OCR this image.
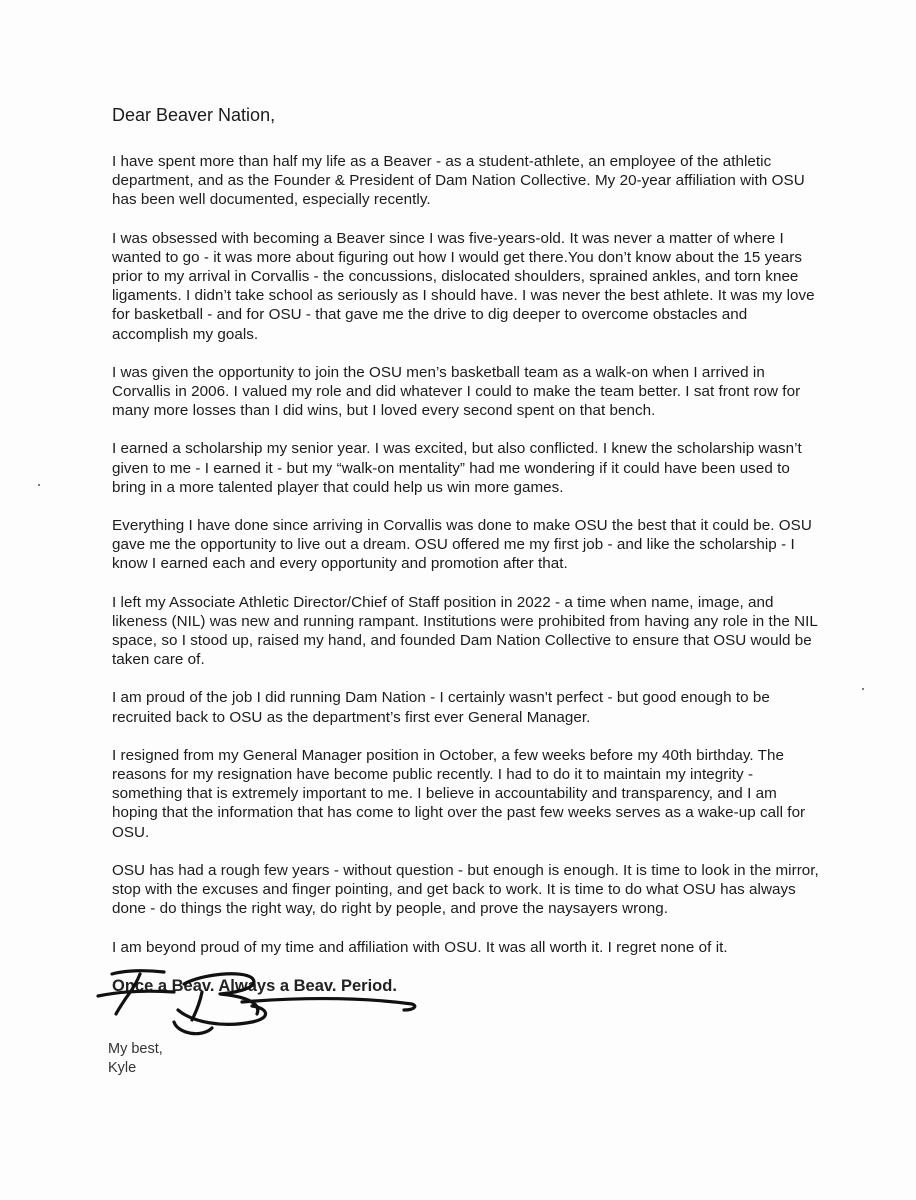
Dear Beaver Nation,

I have spent more than half my life as a Beaver - as a student-athlete, an employee of the athletic department, and as the Founder & President of Dam Nation Collective. My 20-year affiliation with OSU has been well documented, especially recently.

I was obsessed with becoming a Beaver since I was five-years-old. It was never a matter of where I wanted to go - it was more about figuring out how I would get there.You don’t know about the 15 years prior to my arrival in Corvallis - the concussions, dislocated shoulders, sprained ankles, and torn knee ligaments. I didn’t take school as seriously as I should have. I was never the best athlete. It was my love for basketball - and for OSU - that gave me the drive to dig deeper to overcome obstacles and accomplish my goals.

I was given the opportunity to join the OSU men’s basketball team as a walk-on when I arrived in Corvallis in 2006. I valued my role and did whatever I could to make the team better. I sat front row for many more losses than I did wins, but I loved every second spent on that bench.

I earned a scholarship my senior year. I was excited, but also conflicted. I knew the scholarship wasn’t given to me - I earned it - but my “walk-on mentality” had me wondering if it could have been used to bring in a more talented player that could help us win more games.

Everything I have done since arriving in Corvallis was done to make OSU the best that it could be. OSU gave me the opportunity to live out a dream. OSU offered me my first job - and like the scholarship - I know I earned each and every opportunity and promotion after that.

I left my Associate Athletic Director/Chief of Staff position in 2022 - a time when name, image, and likeness (NIL) was new and running rampant. Institutions were prohibited from having any role in the NIL space, so I stood up, raised my hand, and founded Dam Nation Collective to ensure that OSU would be taken care of.

I am proud of the job I did running Dam Nation - I certainly wasn't perfect - but good enough to be recruited back to OSU as the department’s first ever General Manager.

I resigned from my General Manager position in October, a few weeks before my 40th birthday. The reasons for my resignation have become public recently. I had to do it to maintain my integrity - something that is extremely important to me. I believe in accountability and transparency, and I am hoping that the information that has come to light over the past few weeks serves as a wake-up call for OSU.

OSU has had a rough few years - without question - but enough is enough. It is time to look in the mirror, stop with the excuses and finger pointing, and get back to work. It is time to do what OSU has always done - do things the right way, do right by people, and prove the naysayers wrong.

I am beyond proud of my time and affiliation with OSU. It was all worth it. I regret none of it.

Once a Beav. Always a Beav. Period.

My best,
Kyle
